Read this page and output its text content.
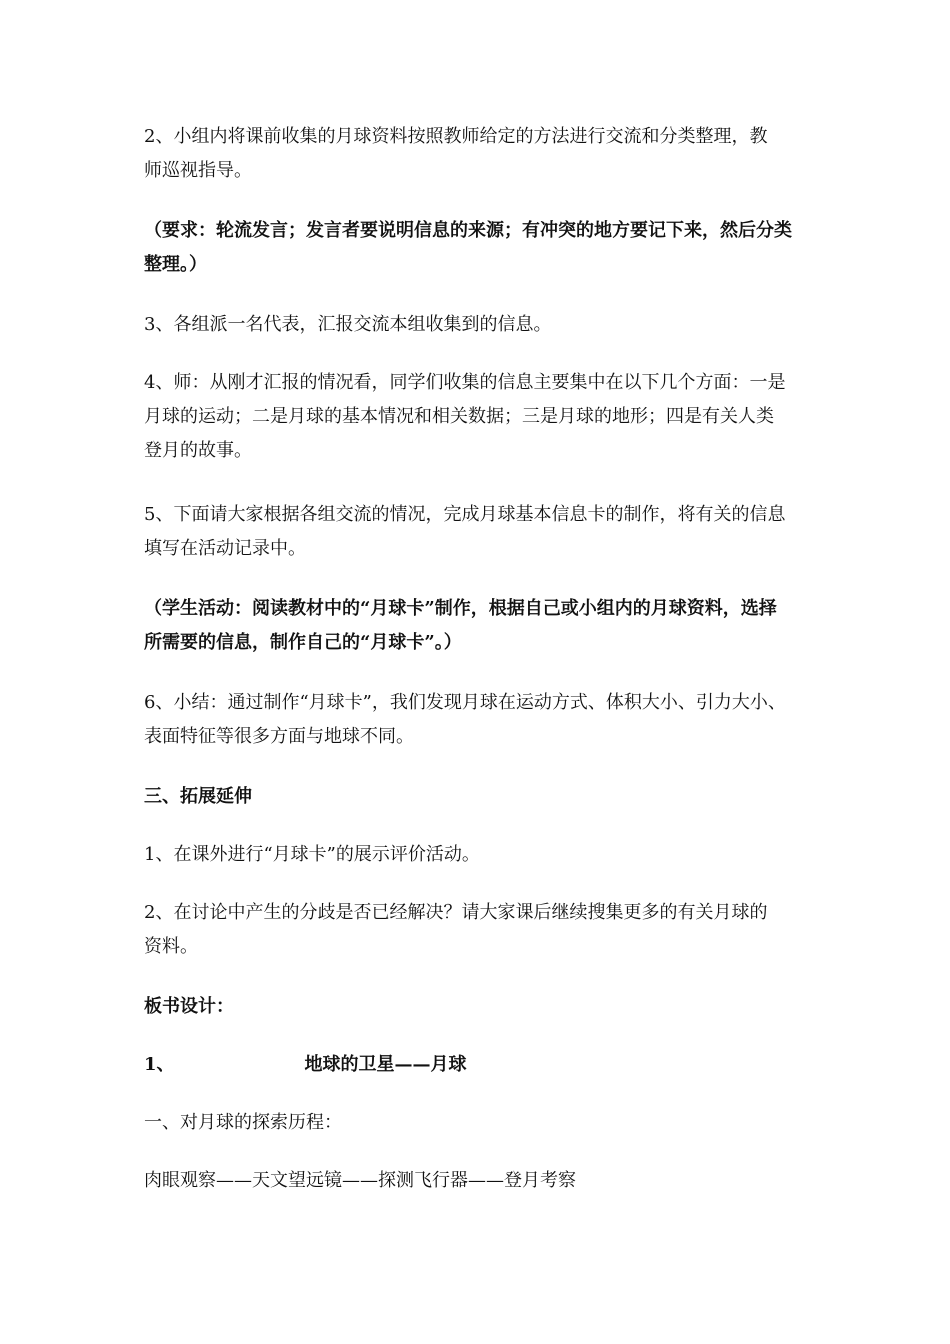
2、小组内将课前收集的月球资料按照教师给定的方法进行交流和分类整理，教
师巡视指导。
（要求：轮流发言；发言者要说明信息的来源；有冲突的地方要记下来，然后分类
整理。）
3、各组派一名代表，汇报交流本组收集到的信息。
4、师：从刚才汇报的情况看，同学们收集的信息主要集中在以下几个方面：一是
月球的运动；二是月球的基本情况和相关数据；三是月球的地形；四是有关人类
登月的故事。
5、下面请大家根据各组交流的情况，完成月球基本信息卡的制作，将有关的信息
填写在活动记录中。
（学生活动：阅读教材中的“月球卡”制作，根据自己或小组内的月球资料，选择
所需要的信息，制作自己的“月球卡”。）
6、小结：通过制作“月球卡”，我们发现月球在运动方式、体积大小、引力大小、
表面特征等很多方面与地球不同。
三、拓展延伸
1、在课外进行“月球卡”的展示评价活动。
2、在讨论中产生的分歧是否已经解决？请大家课后继续搜集更多的有关月球的
资料。
板书设计：
1、	地球的卫星——月球
一、对月球的探索历程：
肉眼观察——天文望远镜——探测飞行器——登月考察
